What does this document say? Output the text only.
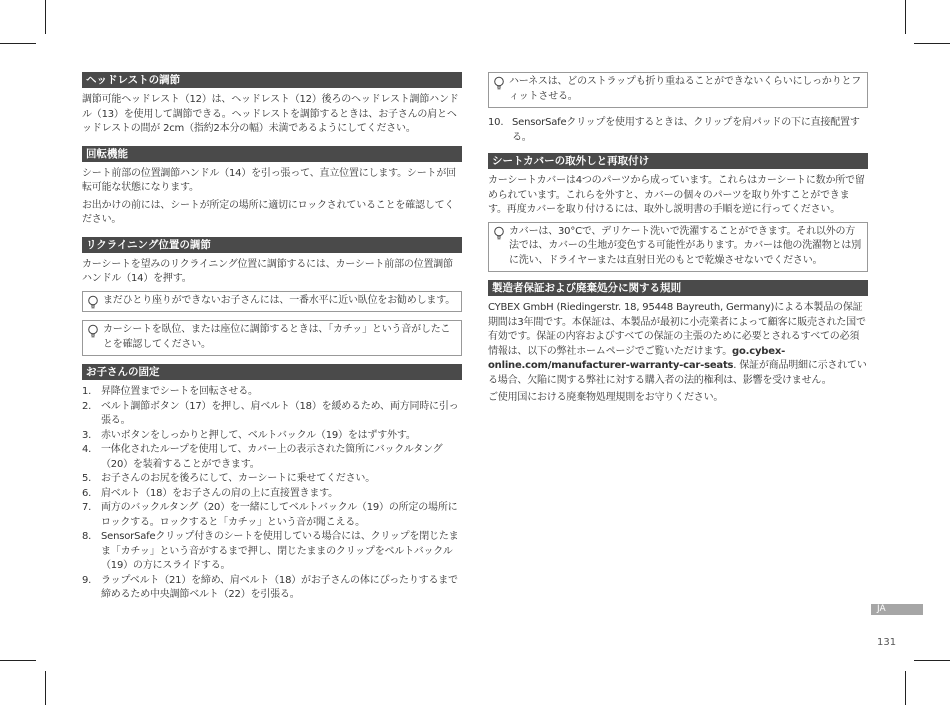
ヘッドレストの調節

調節可能ヘッドレスト（12）は、ヘッドレスト（12）後ろのヘッドレスト調節ハンドル（13）を使用して調節できる。ヘッドレストを調節するときは、お子さんの肩とヘッドレストの間が 2cm（指約2本分の幅）未満であるようにしてください。

回転機能

シート前部の位置調節ハンドル（14）を引っ張って、直立位置にします。シートが回転可能な状態になります。

お出かけの前には、シートが所定の場所に適切にロックされていることを確認してください。

リクライニング位置の調節

カーシートを望みのリクライニング位置に調節するには、カーシート前部の位置調節ハンドル（14）を押す。

まだひとり座りができないお子さんには、一番水平に近い臥位をお勧めします。

カーシートを臥位、または座位に調節するときは、「カチッ」という音がしたことを確認してください。

お子さんの固定
1. 昇降位置までシートを回転させる。
2. ベルト調節ボタン（17）を押し、肩ベルト（18）を緩めるため、両方同時に引っ張る。
3. 赤いボタンをしっかりと押して、ベルトバックル（19）をはずす外す。
4. 一体化されたループを使用して、カバー上の表示された箇所にバックルタング（20）を装着することができます。
5. お子さんのお尻を後ろにして、カーシートに乗せてください。
6. 肩ベルト（18）をお子さんの肩の上に直接置きます。
7. 両方のバックルタング（20）を一緒にしてベルトバックル（19）の所定の場所にロックする。ロックすると「カチッ」という音が聞こえる。
8. SensorSafeクリップ付きのシートを使用している場合には、クリップを閉じたまま「カチッ」という音がするまで押し、閉じたままのクリップをベルトバックル（19）の方にスライドする。
9. ラップベルト（21）を締め、肩ベルト（18）がお子さんの体にぴったりするまで締めるため中央調節ベルト（22）を引張る。

ハーネスは、どのストラップも折り重ねることができないくらいにしっかりとフィットさせる。

10. SensorSafeクリップを使用するときは、クリップを肩パッドの下に直接配置する。
シートカバーの取外しと再取付け

カーシートカバーは4つのパーツから成っています。これらはカーシートに数か所で留められています。これらを外すと、カバーの個々のパーツを取り外すことができます。再度カバーを取り付けるには、取外し説明書の手順を逆に行ってください。

カバーは、30°Cで、デリケート洗いで洗濯することができます。それ以外の方法では、カバーの生地が変色する可能性があります。カバーは他の洗濯物とは別に洗い、ドライヤーまたは直射日光のもとで乾燥させないでください。

製造者保証および廃棄処分に関する規則

CYBEX GmbH (Riedingerstr. 18, 95448 Bayreuth, Germany)による本製品の保証期間は3年間です。本保証は、本製品が最初に小売業者によって顧客に販売された国で有効です。保証の内容およびすべての保証の主張のために必要とされるすべての必須情報は、以下の弊社ホームページでご覧いただけます。go.cybex-online.com/manufacturer-warranty-car-seats. 保証が商品明細に示されている場合、欠陥に関する弊社に対する購入者の法的権利は、影響を受けません。

ご使用国における廃棄物処理規則をお守りください。

JA
131
